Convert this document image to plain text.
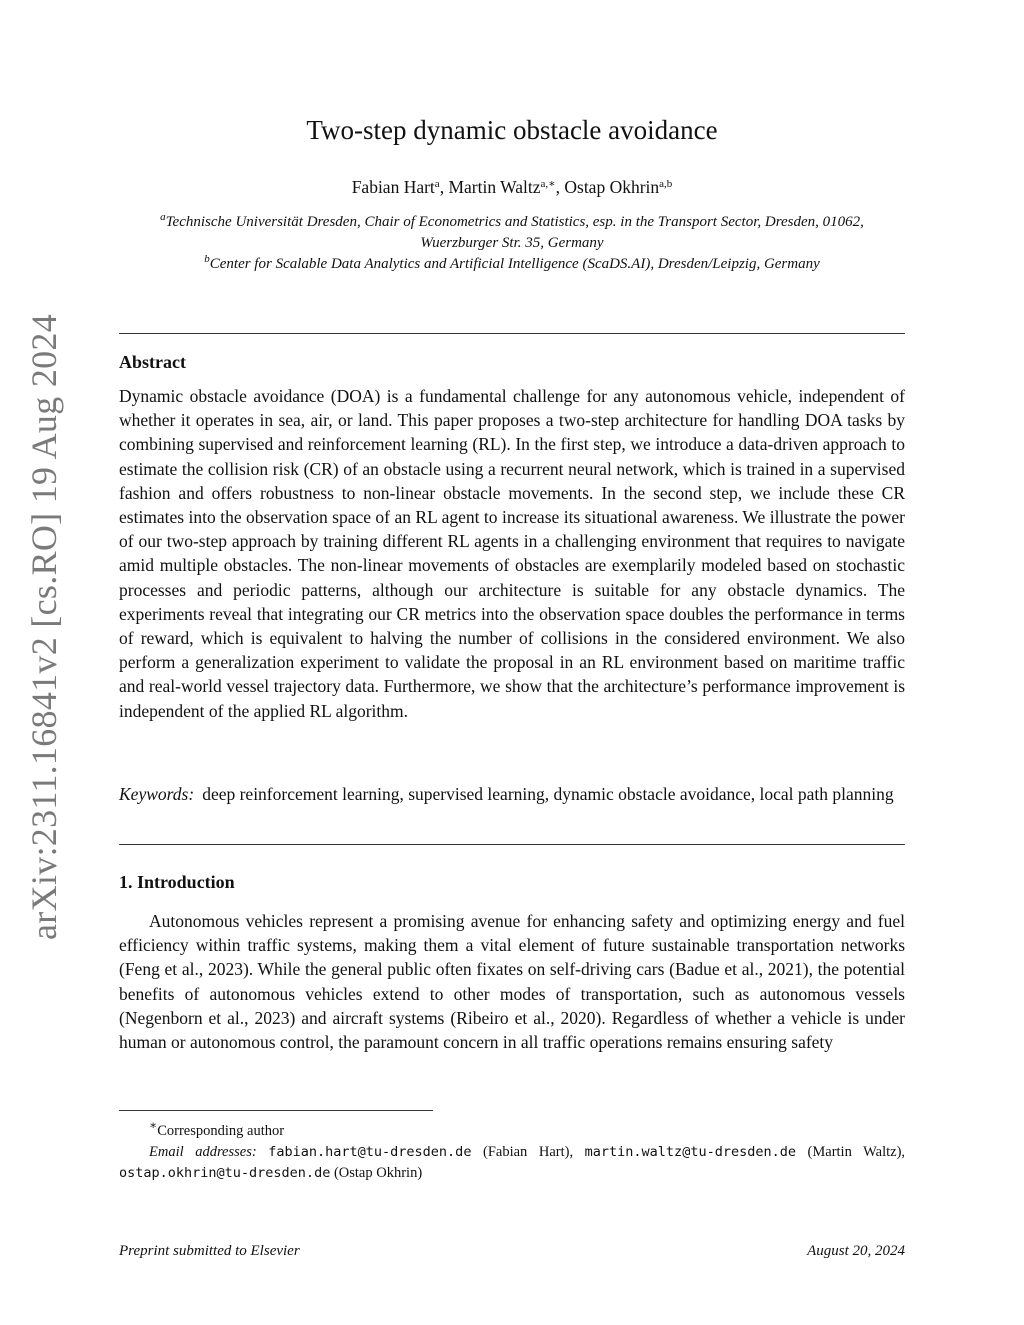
arXiv:2311.16841v2 [cs.RO] 19 Aug 2024
Two-step dynamic obstacle avoidance
Fabian Hart$^a$, Martin Waltz$^{a,∗}$, Ostap Okhrin$^{a,b}$
$^a$Technische Universität Dresden, Chair of Econometrics and Statistics, esp. in the Transport Sector, Dresden, 01062, Wuerzburger Str. 35, Germany
$^b$Center for Scalable Data Analytics and Artificial Intelligence (ScaDS.AI), Dresden/Leipzig, Germany
Abstract
Dynamic obstacle avoidance (DOA) is a fundamental challenge for any autonomous vehicle, independent of whether it operates in sea, air, or land. This paper proposes a two-step architecture for handling DOA tasks by combining supervised and reinforcement learning (RL). In the first step, we introduce a data-driven approach to estimate the collision risk (CR) of an obstacle using a recurrent neural network, which is trained in a supervised fashion and offers robustness to non-linear obstacle movements. In the second step, we include these CR estimates into the observation space of an RL agent to increase its situational awareness. We illustrate the power of our two-step approach by training different RL agents in a challenging environment that requires to navigate amid multiple obstacles. The non-linear movements of obstacles are exemplarily modeled based on stochastic processes and periodic patterns, although our architecture is suitable for any obstacle dynamics. The experiments reveal that integrating our CR metrics into the observation space doubles the performance in terms of reward, which is equivalent to halving the number of collisions in the considered environment. We also perform a generalization experiment to validate the proposal in an RL environment based on maritime traffic and real-world vessel trajectory data. Furthermore, we show that the architecture’s performance improvement is independent of the applied RL algorithm.
Keywords: deep reinforcement learning, supervised learning, dynamic obstacle avoidance, local path planning
1. Introduction
Autonomous vehicles represent a promising avenue for enhancing safety and optimizing energy and fuel efficiency within traffic systems, making them a vital element of future sustainable transportation networks (Feng et al., 2023). While the general public often fixates on self-driving cars (Badue et al., 2021), the potential benefits of autonomous vehicles extend to other modes of transportation, such as autonomous vessels (Negenborn et al., 2023) and aircraft systems (Ribeiro et al., 2020). Regardless of whether a vehicle is under human or autonomous control, the paramount concern in all traffic operations remains ensuring safety
∗Corresponding author
Email addresses: fabian.hart@tu-dresden.de (Fabian Hart), martin.waltz@tu-dresden.de (Martin Waltz), ostap.okhrin@tu-dresden.de (Ostap Okhrin)
Preprint submitted to Elsevier	August 20, 2024
